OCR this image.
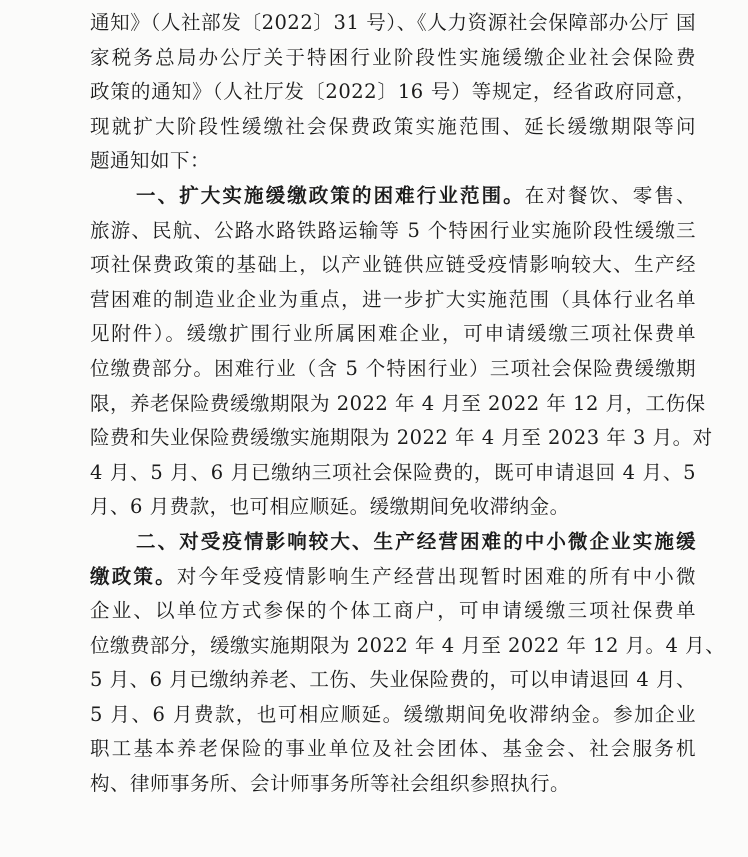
通知》（人社部发〔2022〕31 号）、《人力资源社会保障部办公厅 国
家税务总局办公厅关于特困行业阶段性实施缓缴企业社会保险费
政策的通知》（人社厅发〔2022〕16 号）等规定，经省政府同意，
现就扩大阶段性缓缴社会保费政策实施范围、延长缓缴期限等问
题通知如下：
一、扩大实施缓缴政策的困难行业范围。在对餐饮、零售、
旅游、民航、公路水路铁路运输等 5 个特困行业实施阶段性缓缴三
项社保费政策的基础上，以产业链供应链受疫情影响较大、生产经
营困难的制造业企业为重点，进一步扩大实施范围（具体行业名单
见附件）。缓缴扩围行业所属困难企业，可申请缓缴三项社保费单
位缴费部分。困难行业（含 5 个特困行业）三项社会保险费缓缴期
限，养老保险费缓缴期限为 2022 年 4 月至 2022 年 12 月，工伤保
险费和失业保险费缓缴实施期限为 2022 年 4 月至 2023 年 3 月。对
4 月、5 月、6 月已缴纳三项社会保险费的，既可申请退回 4 月、5
月、6 月费款，也可相应顺延。缓缴期间免收滞纳金。
二、对受疫情影响较大、生产经营困难的中小微企业实施缓
缴政策。对今年受疫情影响生产经营出现暂时困难的所有中小微
企业、以单位方式参保的个体工商户，可申请缓缴三项社保费单
位缴费部分，缓缴实施期限为 2022 年 4 月至 2022 年 12 月。4 月、
5 月、6 月已缴纳养老、工伤、失业保险费的，可以申请退回 4 月、
5 月、6 月费款，也可相应顺延。缓缴期间免收滞纳金。参加企业
职工基本养老保险的事业单位及社会团体、基金会、社会服务机
构、律师事务所、会计师事务所等社会组织参照执行。
